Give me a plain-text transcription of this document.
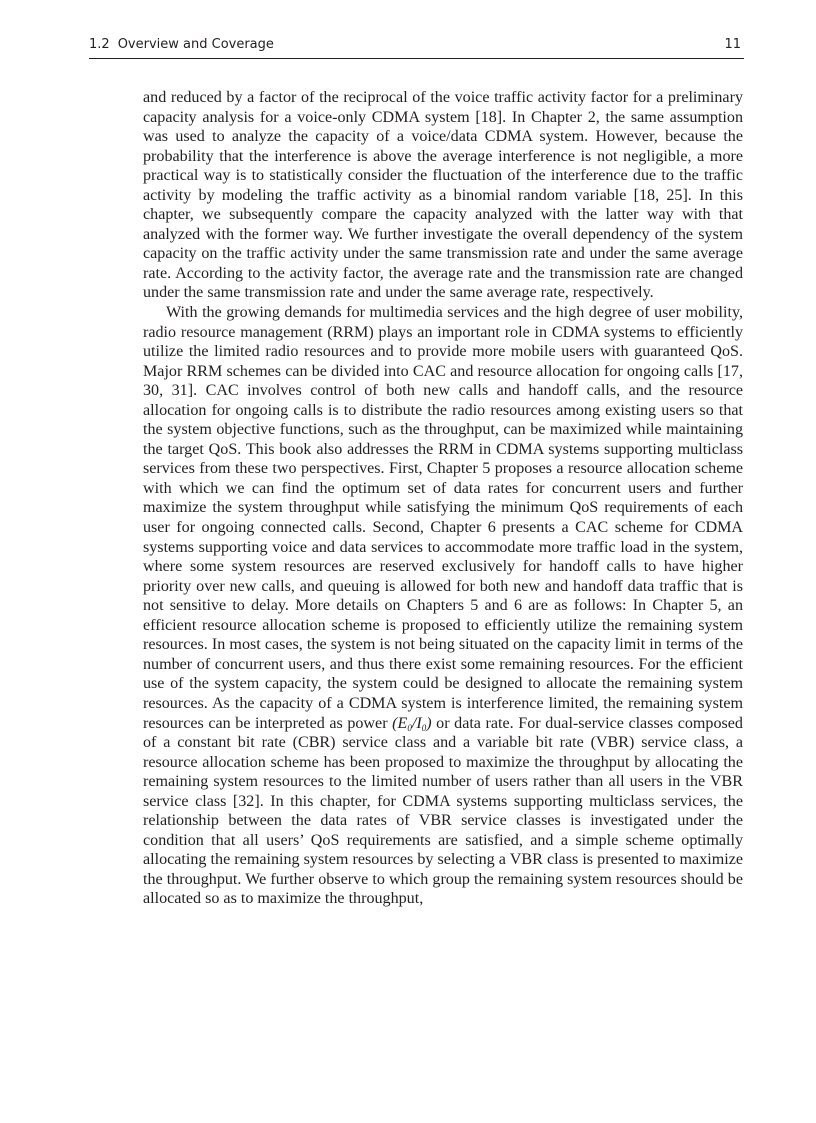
1.2 Overview and Coverage	11

and reduced by a factor of the reciprocal of the voice traffic activity factor for a preliminary capacity analysis for a voice-only CDMA system [18]. In Chapter 2, the same assumption was used to analyze the capacity of a voice/data CDMA system. However, because the probability that the interference is above the average interference is not negligible, a more practical way is to statistically consider the fluctuation of the interference due to the traffic activity by modeling the traffic activity as a binomial random variable [18, 25]. In this chapter, we subsequently compare the capacity analyzed with the latter way with that analyzed with the former way. We further investigate the overall dependency of the system capacity on the traffic activity under the same transmission rate and under the same average rate. According to the activity factor, the average rate and the transmission rate are changed under the same transmission rate and under the same average rate, respectively.

With the growing demands for multimedia services and the high degree of user mobility, radio resource management (RRM) plays an important role in CDMA systems to efficiently utilize the limited radio resources and to provide more mobile users with guaranteed QoS. Major RRM schemes can be divided into CAC and resource allocation for ongoing calls [17, 30, 31]. CAC involves control of both new calls and handoff calls, and the resource allocation for ongoing calls is to distribute the radio resources among existing users so that the system objective functions, such as the throughput, can be maximized while maintaining the target QoS. This book also addresses the RRM in CDMA systems supporting multiclass services from these two perspectives. First, Chapter 5 proposes a resource allocation scheme with which we can find the optimum set of data rates for concurrent users and further maximize the system throughput while satisfying the minimum QoS requirements of each user for ongoing connected calls. Second, Chapter 6 presents a CAC scheme for CDMA systems supporting voice and data services to accommodate more traffic load in the system, where some system resources are reserved exclusively for handoff calls to have higher priority over new calls, and queuing is allowed for both new and handoff data traffic that is not sensitive to delay. More details on Chapters 5 and 6 are as follows: In Chapter 5, an efficient resource allocation scheme is proposed to efficiently utilize the remaining system resources. In most cases, the system is not being situated on the capacity limit in terms of the number of concurrent users, and thus there exist some remaining resources. For the efficient use of the system capacity, the system could be designed to allocate the remaining system resources. As the capacity of a CDMA system is interference limited, the remaining system resources can be interpreted as power $(E_0/I_0)$ or data rate. For dual-service classes composed of a constant bit rate (CBR) service class and a variable bit rate (VBR) service class, a resource allocation scheme has been proposed to maximize the throughput by allocating the remaining system resources to the limited number of users rather than all users in the VBR service class [32]. In this chapter, for CDMA systems supporting multiclass services, the relationship between the data rates of VBR service classes is investigated under the condition that all users’ QoS requirements are satisfied, and a simple scheme optimally allocating the remaining system resources by selecting a VBR class is presented to maximize the throughput. We further observe to which group the remaining system resources should be allocated so as to maximize the throughput,
